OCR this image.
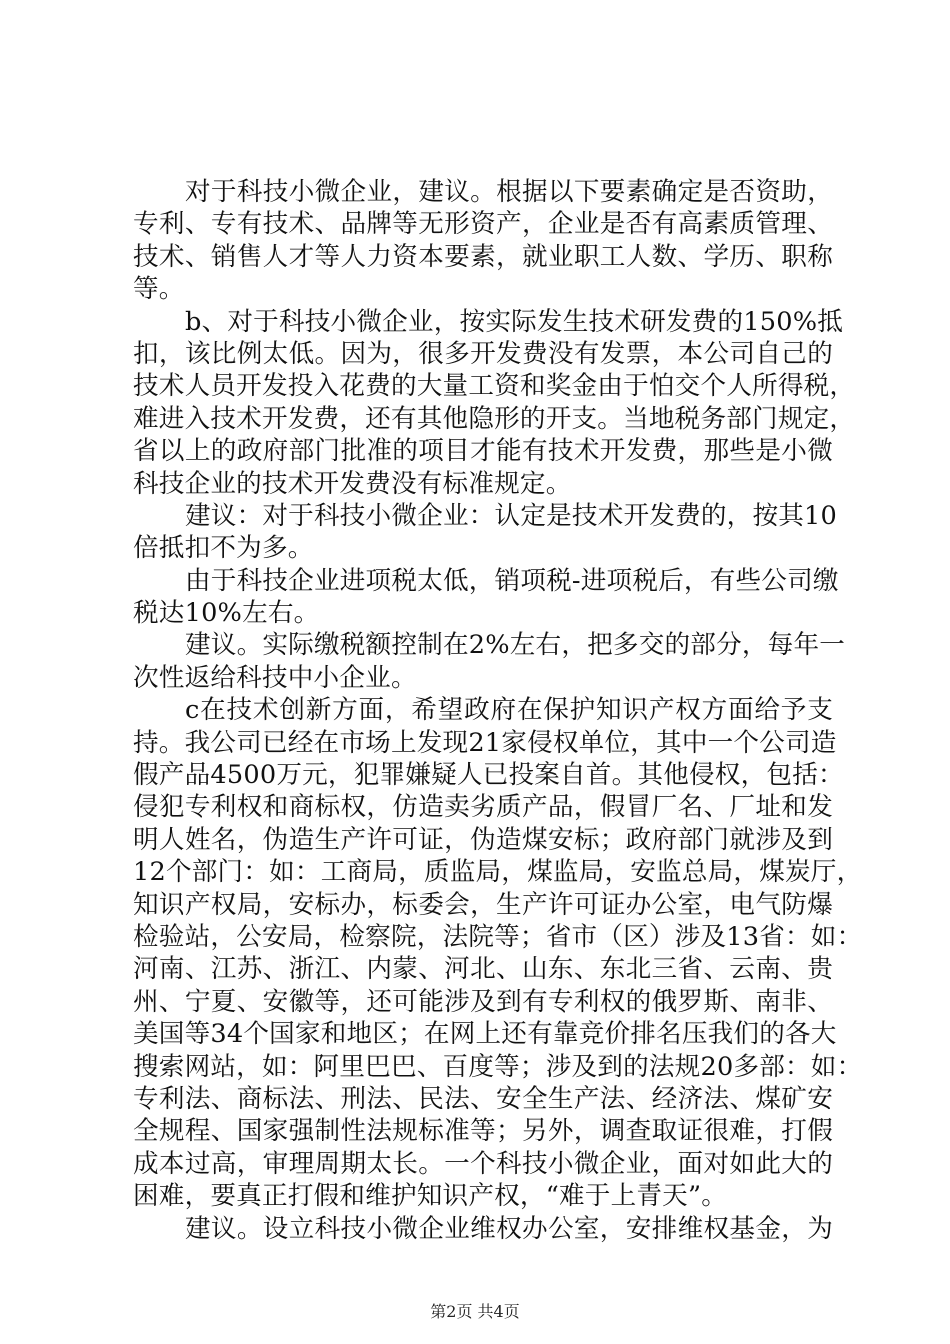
对于科技小微企业，建议。根据以下要素确定是否资助，
专利、专有技术、品牌等无形资产，企业是否有高素质管理、
技术、销售人才等人力资本要素，就业职工人数、学历、职称
等。
b、对于科技小微企业，按实际发生技术研发费的150%抵
扣，该比例太低。因为，很多开发费没有发票，本公司自己的
技术人员开发投入花费的大量工资和奖金由于怕交个人所得税，
难进入技术开发费，还有其他隐形的开支。当地税务部门规定，
省以上的政府部门批准的项目才能有技术开发费，那些是小微
科技企业的技术开发费没有标准规定。
建议：对于科技小微企业：认定是技术开发费的，按其10
倍抵扣不为多。
由于科技企业进项税太低，销项税-进项税后，有些公司缴
税达10%左右。
建议。实际缴税额控制在2%左右，把多交的部分，每年一
次性返给科技中小企业。
c在技术创新方面，希望政府在保护知识产权方面给予支
持。我公司已经在市场上发现21家侵权单位，其中一个公司造
假产品4500万元，犯罪嫌疑人已投案自首。其他侵权，包括：
侵犯专利权和商标权，仿造卖劣质产品，假冒厂名、厂址和发
明人姓名，伪造生产许可证，伪造煤安标；政府部门就涉及到
12个部门：如：工商局，质监局，煤监局，安监总局，煤炭厅，
知识产权局，安标办，标委会，生产许可证办公室，电气防爆
检验站，公安局，检察院，法院等；省市（区）涉及13省：如：
河南、江苏、浙江、内蒙、河北、山东、东北三省、云南、贵
州、宁夏、安徽等，还可能涉及到有专利权的俄罗斯、南非、
美国等34个国家和地区；在网上还有靠竞价排名压我们的各大
搜索网站，如：阿里巴巴、百度等；涉及到的法规20多部：如：
专利法、商标法、刑法、民法、安全生产法、经济法、煤矿安
全规程、国家强制性法规标准等；另外，调查取证很难，打假
成本过高，审理周期太长。一个科技小微企业，面对如此大的
困难，要真正打假和维护知识产权，“难于上青天”。
建议。设立科技小微企业维权办公室，安排维权基金，为
第2页 共4页
